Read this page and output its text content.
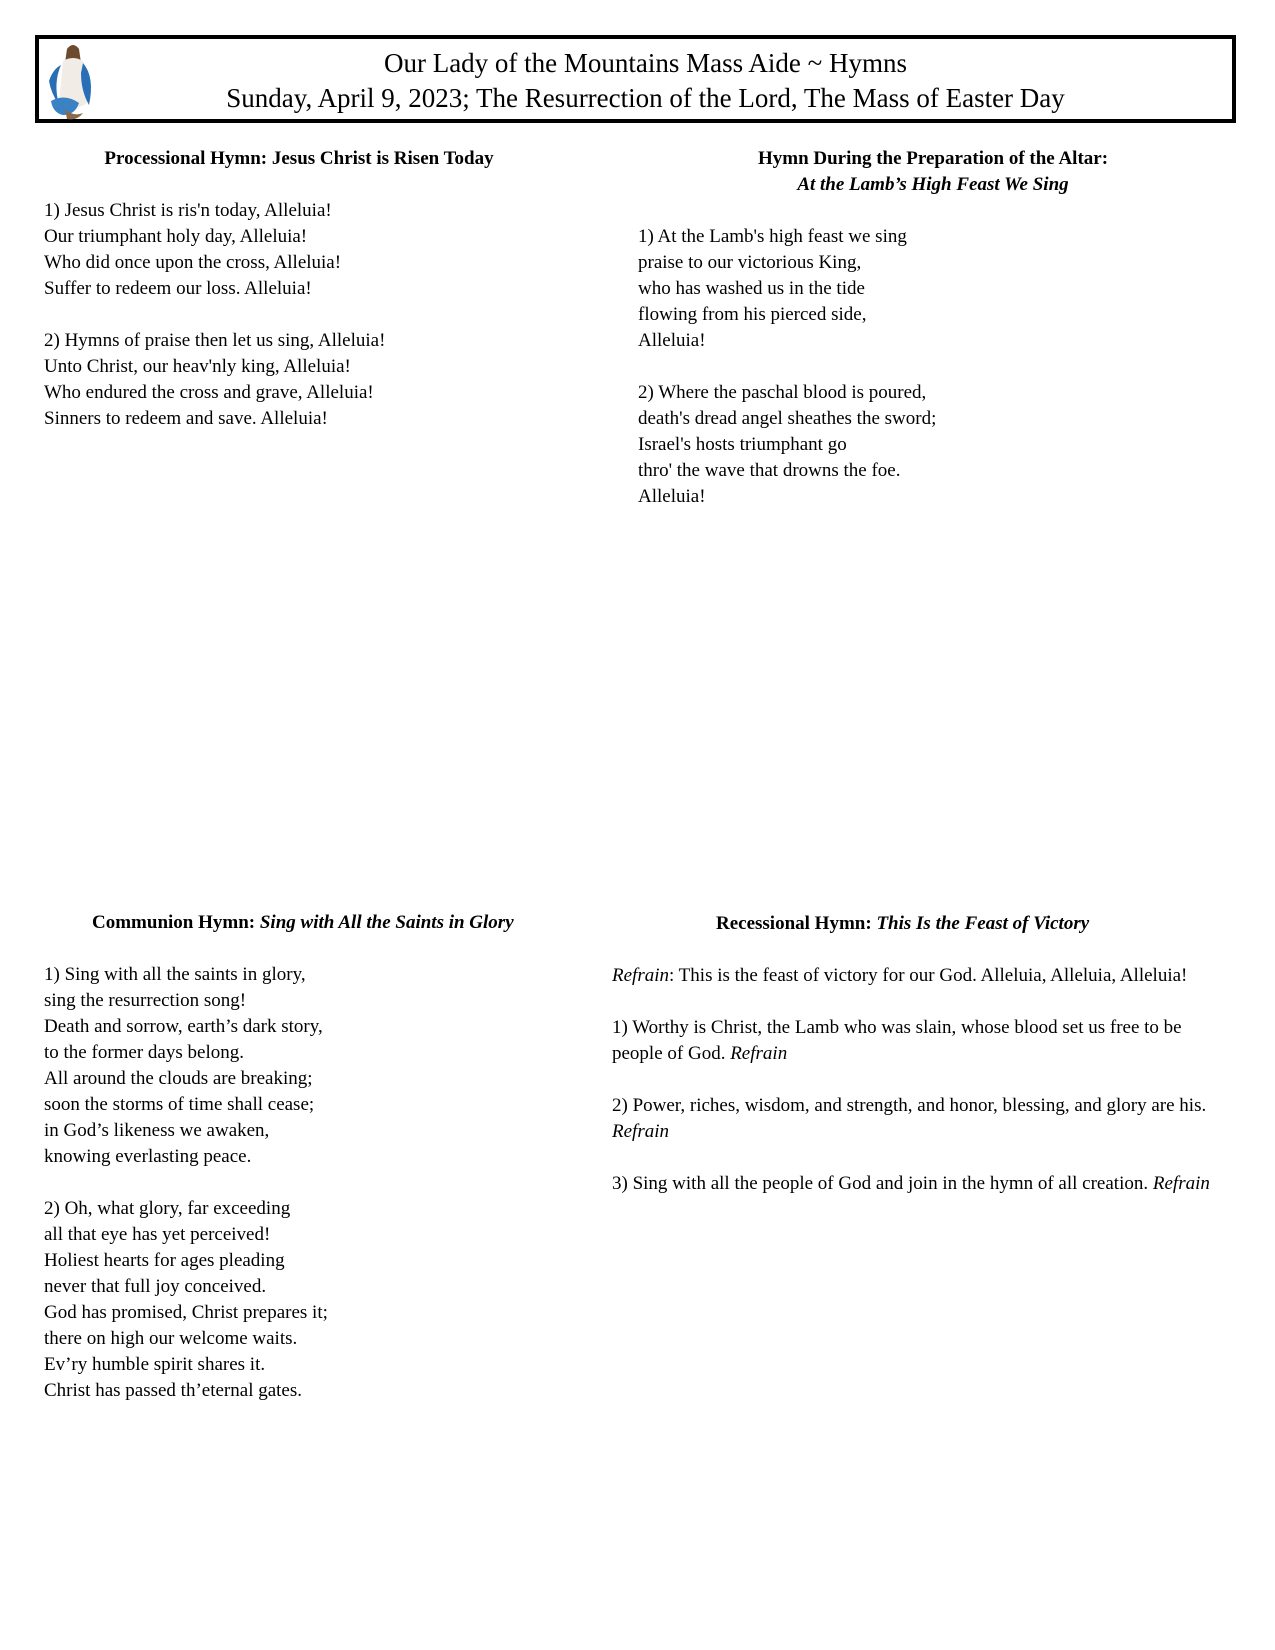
Our Lady of the Mountains Mass Aide ~ Hymns
Sunday, April 9, 2023; The Resurrection of the Lord, The Mass of Easter Day
Processional Hymn: Jesus Christ is Risen Today

1) Jesus Christ is ris'n today, Alleluia!
Our triumphant holy day, Alleluia!
Who did once upon the cross, Alleluia!
Suffer to redeem our loss. Alleluia!

2) Hymns of praise then let us sing, Alleluia!
Unto Christ, our heav'nly king, Alleluia!
Who endured the cross and grave, Alleluia!
Sinners to redeem and save. Alleluia!

Hymn During the Preparation of the Altar:
At the Lamb’s High Feast We Sing

1) At the Lamb's high feast we sing
praise to our victorious King,
who has washed us in the tide
flowing from his pierced side,
Alleluia!

2) Where the paschal blood is poured,
death's dread angel sheathes the sword;
Israel's hosts triumphant go
thro' the wave that drowns the foe.
Alleluia!

Communion Hymn: Sing with All the Saints in Glory

1) Sing with all the saints in glory,
sing the resurrection song!
Death and sorrow, earth’s dark story,
to the former days belong.
All around the clouds are breaking;
soon the storms of time shall cease;
in God’s likeness we awaken,
knowing everlasting peace.

2) Oh, what glory, far exceeding
all that eye has yet perceived!
Holiest hearts for ages pleading
never that full joy conceived.
God has promised, Christ prepares it;
there on high our welcome waits.
Ev’ry humble spirit shares it.
Christ has passed th’eternal gates.

Recessional Hymn: This Is the Feast of Victory

Refrain: This is the feast of victory for our God. Alleluia, Alleluia, Alleluia!

1) Worthy is Christ, the Lamb who was slain, whose blood set us free to be people of God. Refrain

2) Power, riches, wisdom, and strength, and honor, blessing, and glory are his. Refrain

3) Sing with all the people of God and join in the hymn of all creation. Refrain
